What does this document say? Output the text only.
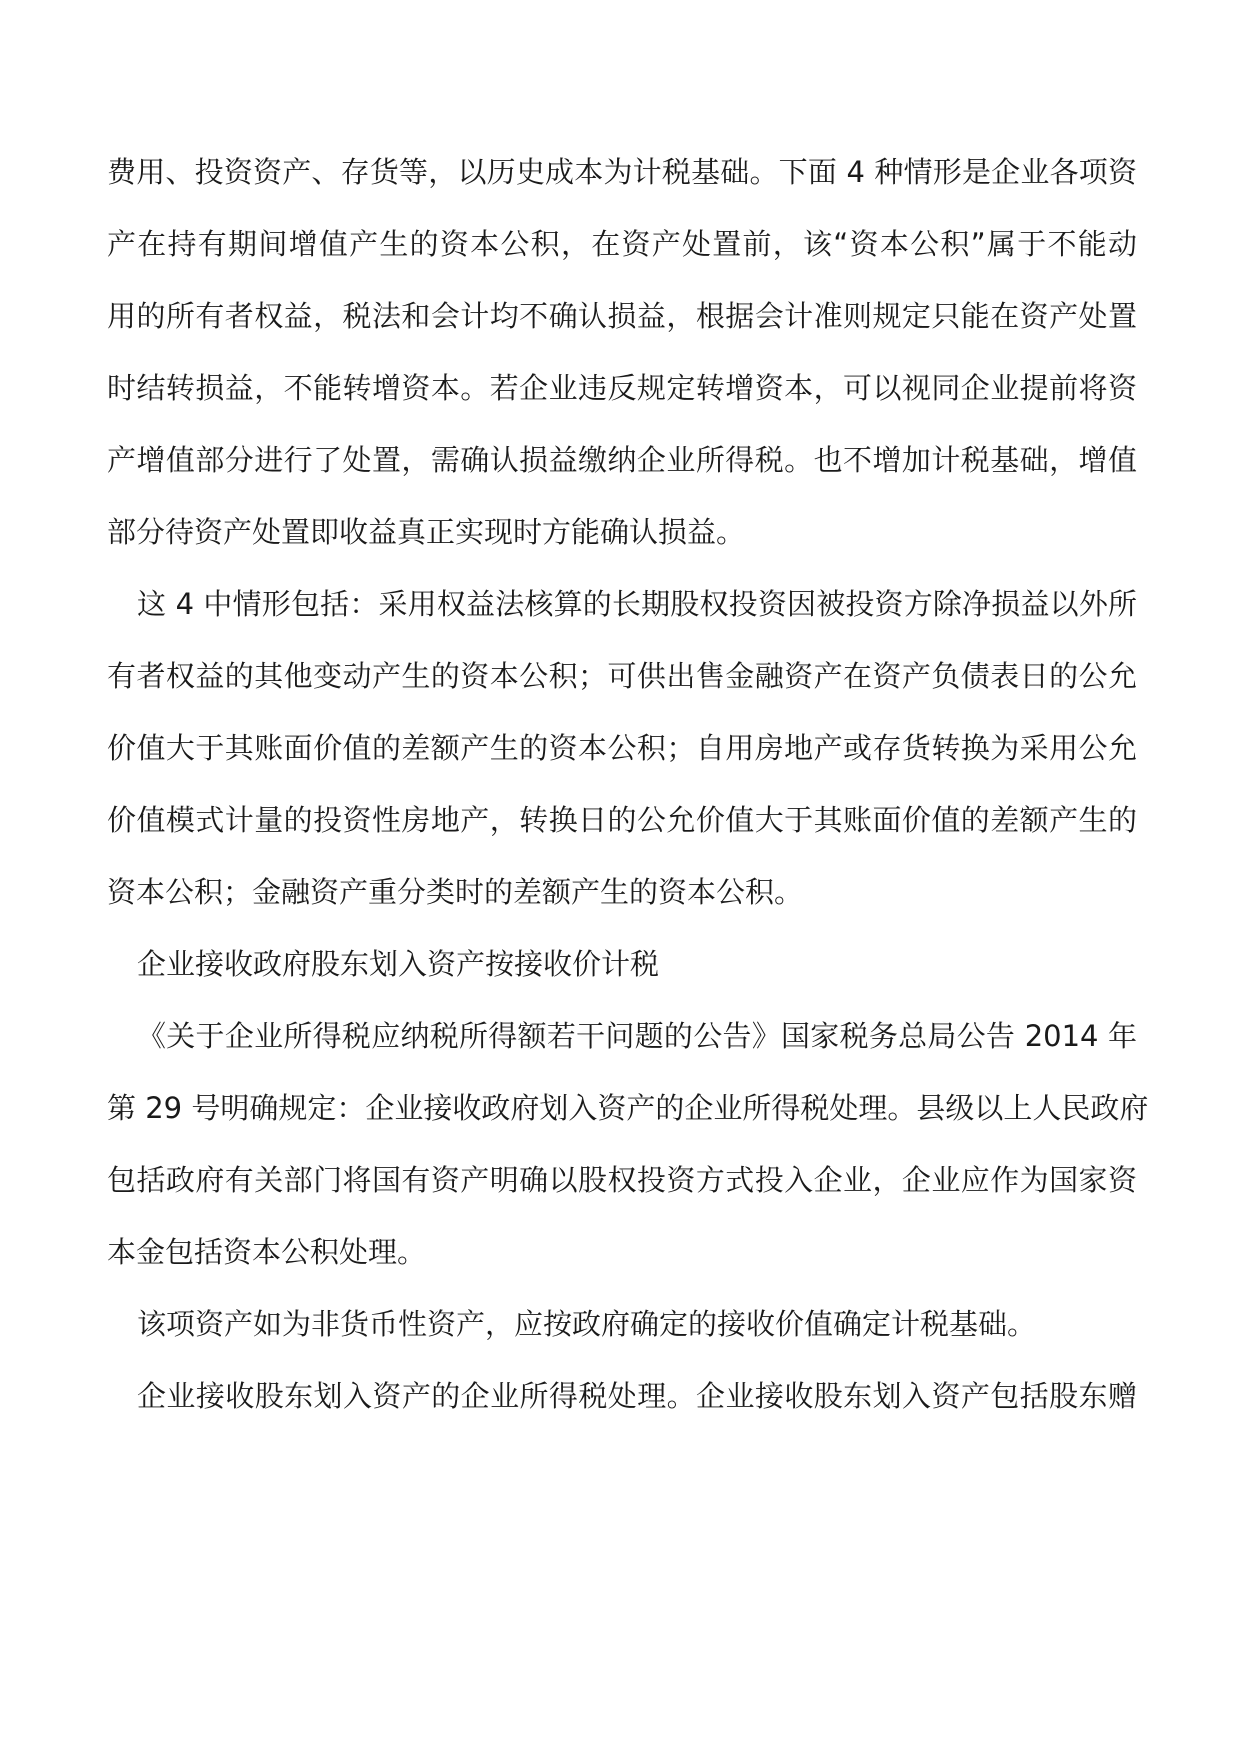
费用、投资资产、存货等，以历史成本为计税基础。下面 4 种情形是企业各项资
产在持有期间增值产生的资本公积，在资产处置前，该“资本公积”属于不能动
用的所有者权益，税法和会计均不确认损益，根据会计准则规定只能在资产处置
时结转损益，不能转增资本。若企业违反规定转增资本，可以视同企业提前将资
产增值部分进行了处置，需确认损益缴纳企业所得税。也不增加计税基础，增值
部分待资产处置即收益真正实现时方能确认损益。
这 4 中情形包括：采用权益法核算的长期股权投资因被投资方除净损益以外所
有者权益的其他变动产生的资本公积；可供出售金融资产在资产负债表日的公允
价值大于其账面价值的差额产生的资本公积；自用房地产或存货转换为采用公允
价值模式计量的投资性房地产，转换日的公允价值大于其账面价值的差额产生的
资本公积；金融资产重分类时的差额产生的资本公积。
企业接收政府股东划入资产按接收价计税
《关于企业所得税应纳税所得额若干问题的公告》国家税务总局公告 2014 年
第 29 号明确规定：企业接收政府划入资产的企业所得税处理。县级以上人民政府
包括政府有关部门将国有资产明确以股权投资方式投入企业，企业应作为国家资
本金包括资本公积处理。
该项资产如为非货币性资产，应按政府确定的接收价值确定计税基础。
企业接收股东划入资产的企业所得税处理。企业接收股东划入资产包括股东赠
